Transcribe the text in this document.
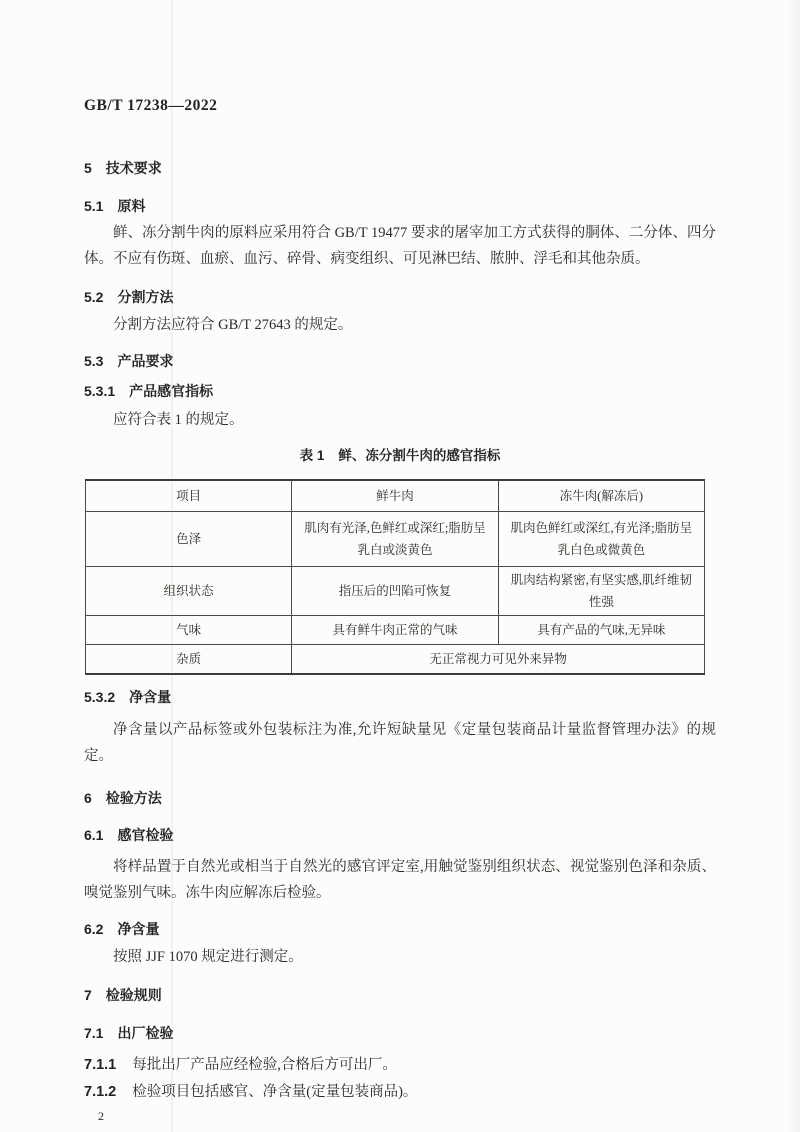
GB/T 17238—2022
5 技术要求
5.1 原料

鲜、冻分割牛肉的原料应采用符合 GB/T 19477 要求的屠宰加工方式获得的胴体、二分体、四分体。不应有伤斑、血瘀、血污、碎骨、病变组织、可见淋巴结、脓肿、浮毛和其他杂质。

5.2 分割方法

分割方法应符合 GB/T 27643 的规定。

5.3 产品要求
5.3.1 产品感官指标

应符合表 1 的规定。

表 1 鲜、冻分割牛肉的感官指标
项目	鲜牛肉	冻牛肉(解冻后)
色泽	肌肉有光泽,色鲜红或深红;脂肪呈乳白或淡黄色	肌肉色鲜红或深红,有光泽;脂肪呈乳白色或微黄色
组织状态	指压后的凹陷可恢复	肌肉结构紧密,有坚实感,肌纤维韧性强
气味	具有鲜牛肉正常的气味	具有产品的气味,无异味
杂质	无正常视力可见外来异物	
5.3.2 净含量

净含量以产品标签或外包装标注为准,允许短缺量见《定量包装商品计量监督管理办法》的规定。

6 检验方法
6.1 感官检验

将样品置于自然光或相当于自然光的感官评定室,用触觉鉴别组织状态、视觉鉴别色泽和杂质、嗅觉鉴别气味。冻牛肉应解冻后检验。

6.2 净含量

按照 JJF 1070 规定进行测定。

7 检验规则
7.1 出厂检验
7.1.1 每批出厂产品应经检验,合格后方可出厂。
7.1.2 检验项目包括感官、净含量(定量包装商品)。
2
